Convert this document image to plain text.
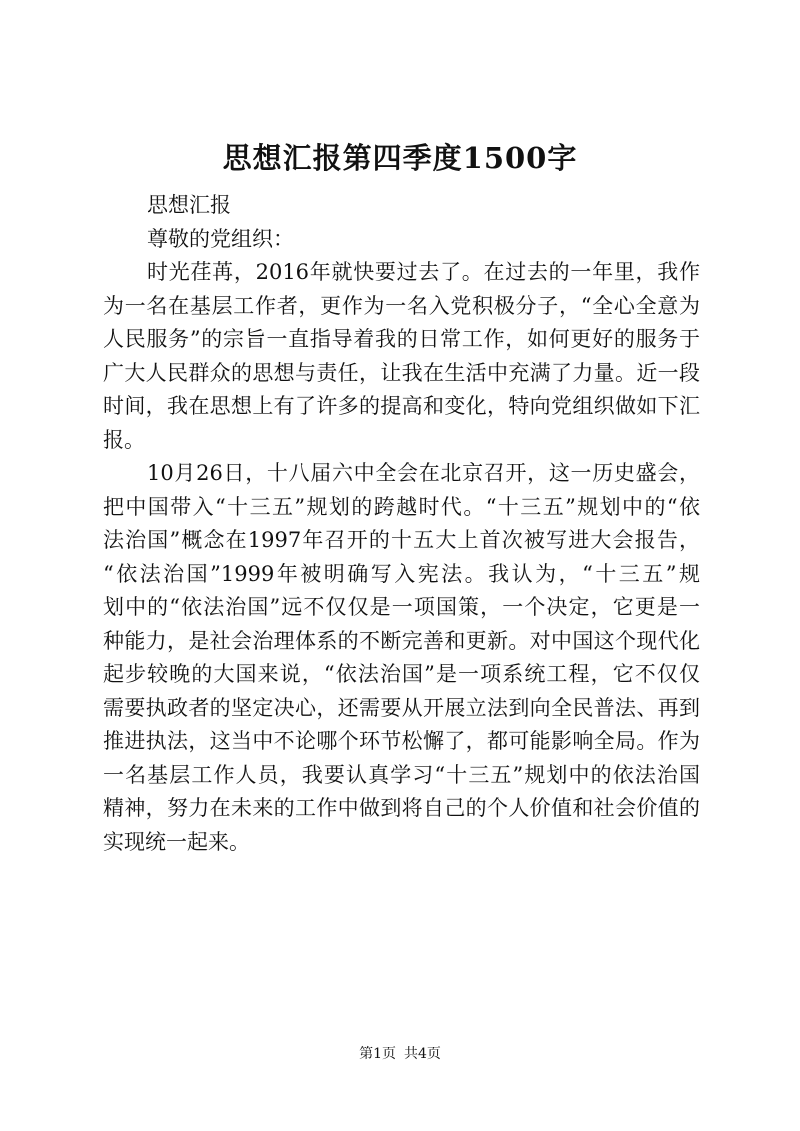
思想汇报第四季度1500字

思想汇报

尊敬的党组织：

时光荏苒，2016年就快要过去了。在过去的一年里，我作

为一名在基层工作者，更作为一名入党积极分子，“全心全意为

人民服务”的宗旨一直指导着我的日常工作，如何更好的服务于

广大人民群众的思想与责任，让我在生活中充满了力量。近一段

时间，我在思想上有了许多的提高和变化，特向党组织做如下汇

报。

10月26日，十八届六中全会在北京召开，这一历史盛会，

把中国带入“十三五”规划的跨越时代。“十三五”规划中的“依

法治国”概念在1997年召开的十五大上首次被写进大会报告，

“依法治国”1999年被明确写入宪法。我认为，“十三五”规

划中的“依法治国”远不仅仅是一项国策，一个决定，它更是一

种能力，是社会治理体系的不断完善和更新。对中国这个现代化

起步较晚的大国来说，“依法治国”是一项系统工程，它不仅仅

需要执政者的坚定决心，还需要从开展立法到向全民普法、再到

推进执法，这当中不论哪个环节松懈了，都可能影响全局。作为

一名基层工作人员，我要认真学习“十三五”规划中的依法治国

精神，努力在未来的工作中做到将自己的个人价值和社会价值的

实现统一起来。

第1页 共4页
